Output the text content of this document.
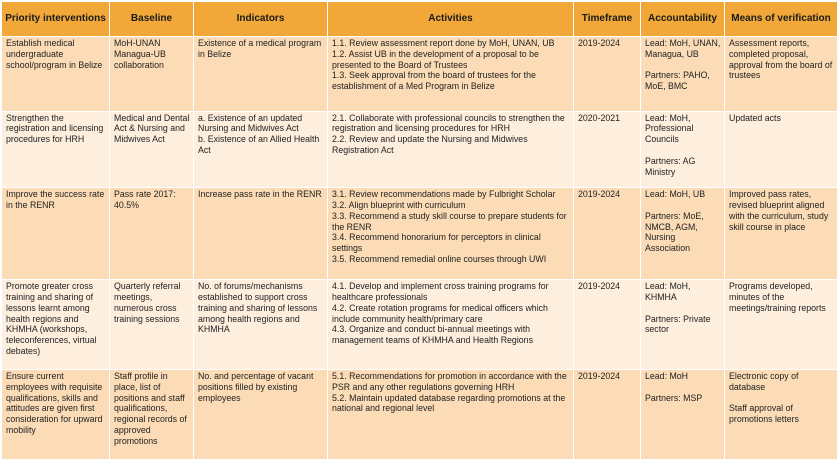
Priority interventions	Baseline	Indicators	Activities	Timeframe	Accountability	Means of verification
Establish medical undergraduate school/program in Belize	MoH-UNAN Managua-UB collaboration	Existence of a medical program in Belize	1.1. Review assessment report done by MoH, UNAN, UB
1.2. Assist UB in the development of a proposal to be presented to the Board of Trustees
1.3. Seek approval from the board of trustees for the establishment of a Med Program in Belize	2019-2024	Lead: MoH, UNAN, Managua, UB
Partners: PAHO, MoE, BMC	Assessment reports, completed proposal, approval from the board of trustees

Strengthen the registration and licensing procedures for HRH	Medical and Dental Act & Nursing and Midwives Act	a. Existence of an updated Nursing and Midwives Act
b. Existence of an Allied Health Act	2.1. Collaborate with professional councils to strengthen the registration and licensing procedures for HRH
2.2. Review and update the Nursing and Midwives Registration Act	2020-2021	Lead: MoH, Professional Councils
Partners: AG Ministry	Updated acts

Improve the success rate in the RENR	Pass rate 2017: 40.5%	Increase pass rate in the RENR	3.1. Review recommendations made by Fulbright Scholar
3.2. Align blueprint with curriculum
3.3. Recommend a study skill course to prepare students for the RENR
3.4. Recommend honorarium for perceptors in clinical settings
3.5. Recommend remedial online courses through UWI	2019-2024	Lead: MoH, UB
Partners: MoE, NMCB, AGM, Nursing Association	Improved pass rates, revised blueprint aligned with the curriculum, study skill course in place

Promote greater cross training and sharing of lessons learnt among health regions and KHMHA (workshops, teleconferences, virtual debates)	Quarterly referral meetings, numerous cross training sessions	No. of forums/mechanisms established to support cross training and sharing of lessons among health regions and KHMHA	4.1. Develop and implement cross training programs for healthcare professionals
4.2. Create rotation programs for medical officers which include community health/primary care
4.3. Organize and conduct bi-annual meetings with management teams of KHMHA and Health Regions	2019-2024	Lead: MoH, KHMHA
Partners: Private sector	Programs developed, minutes of the meetings/training reports

Ensure current employees with requisite qualifications, skills and attitudes are given first consideration for upward mobility	Staff profile in place, list of positions and staff qualifications, regional records of approved promotions	No. and percentage of vacant positions filled by existing employees	5.1. Recommendations for promotion in accordance with the PSR and any other regulations governing HRH
5.2. Maintain updated database regarding promotions at the national and regional level	2019-2024	Lead: MoH
Partners: MSP	Electronic copy of database
Staff approval of promotions letters
